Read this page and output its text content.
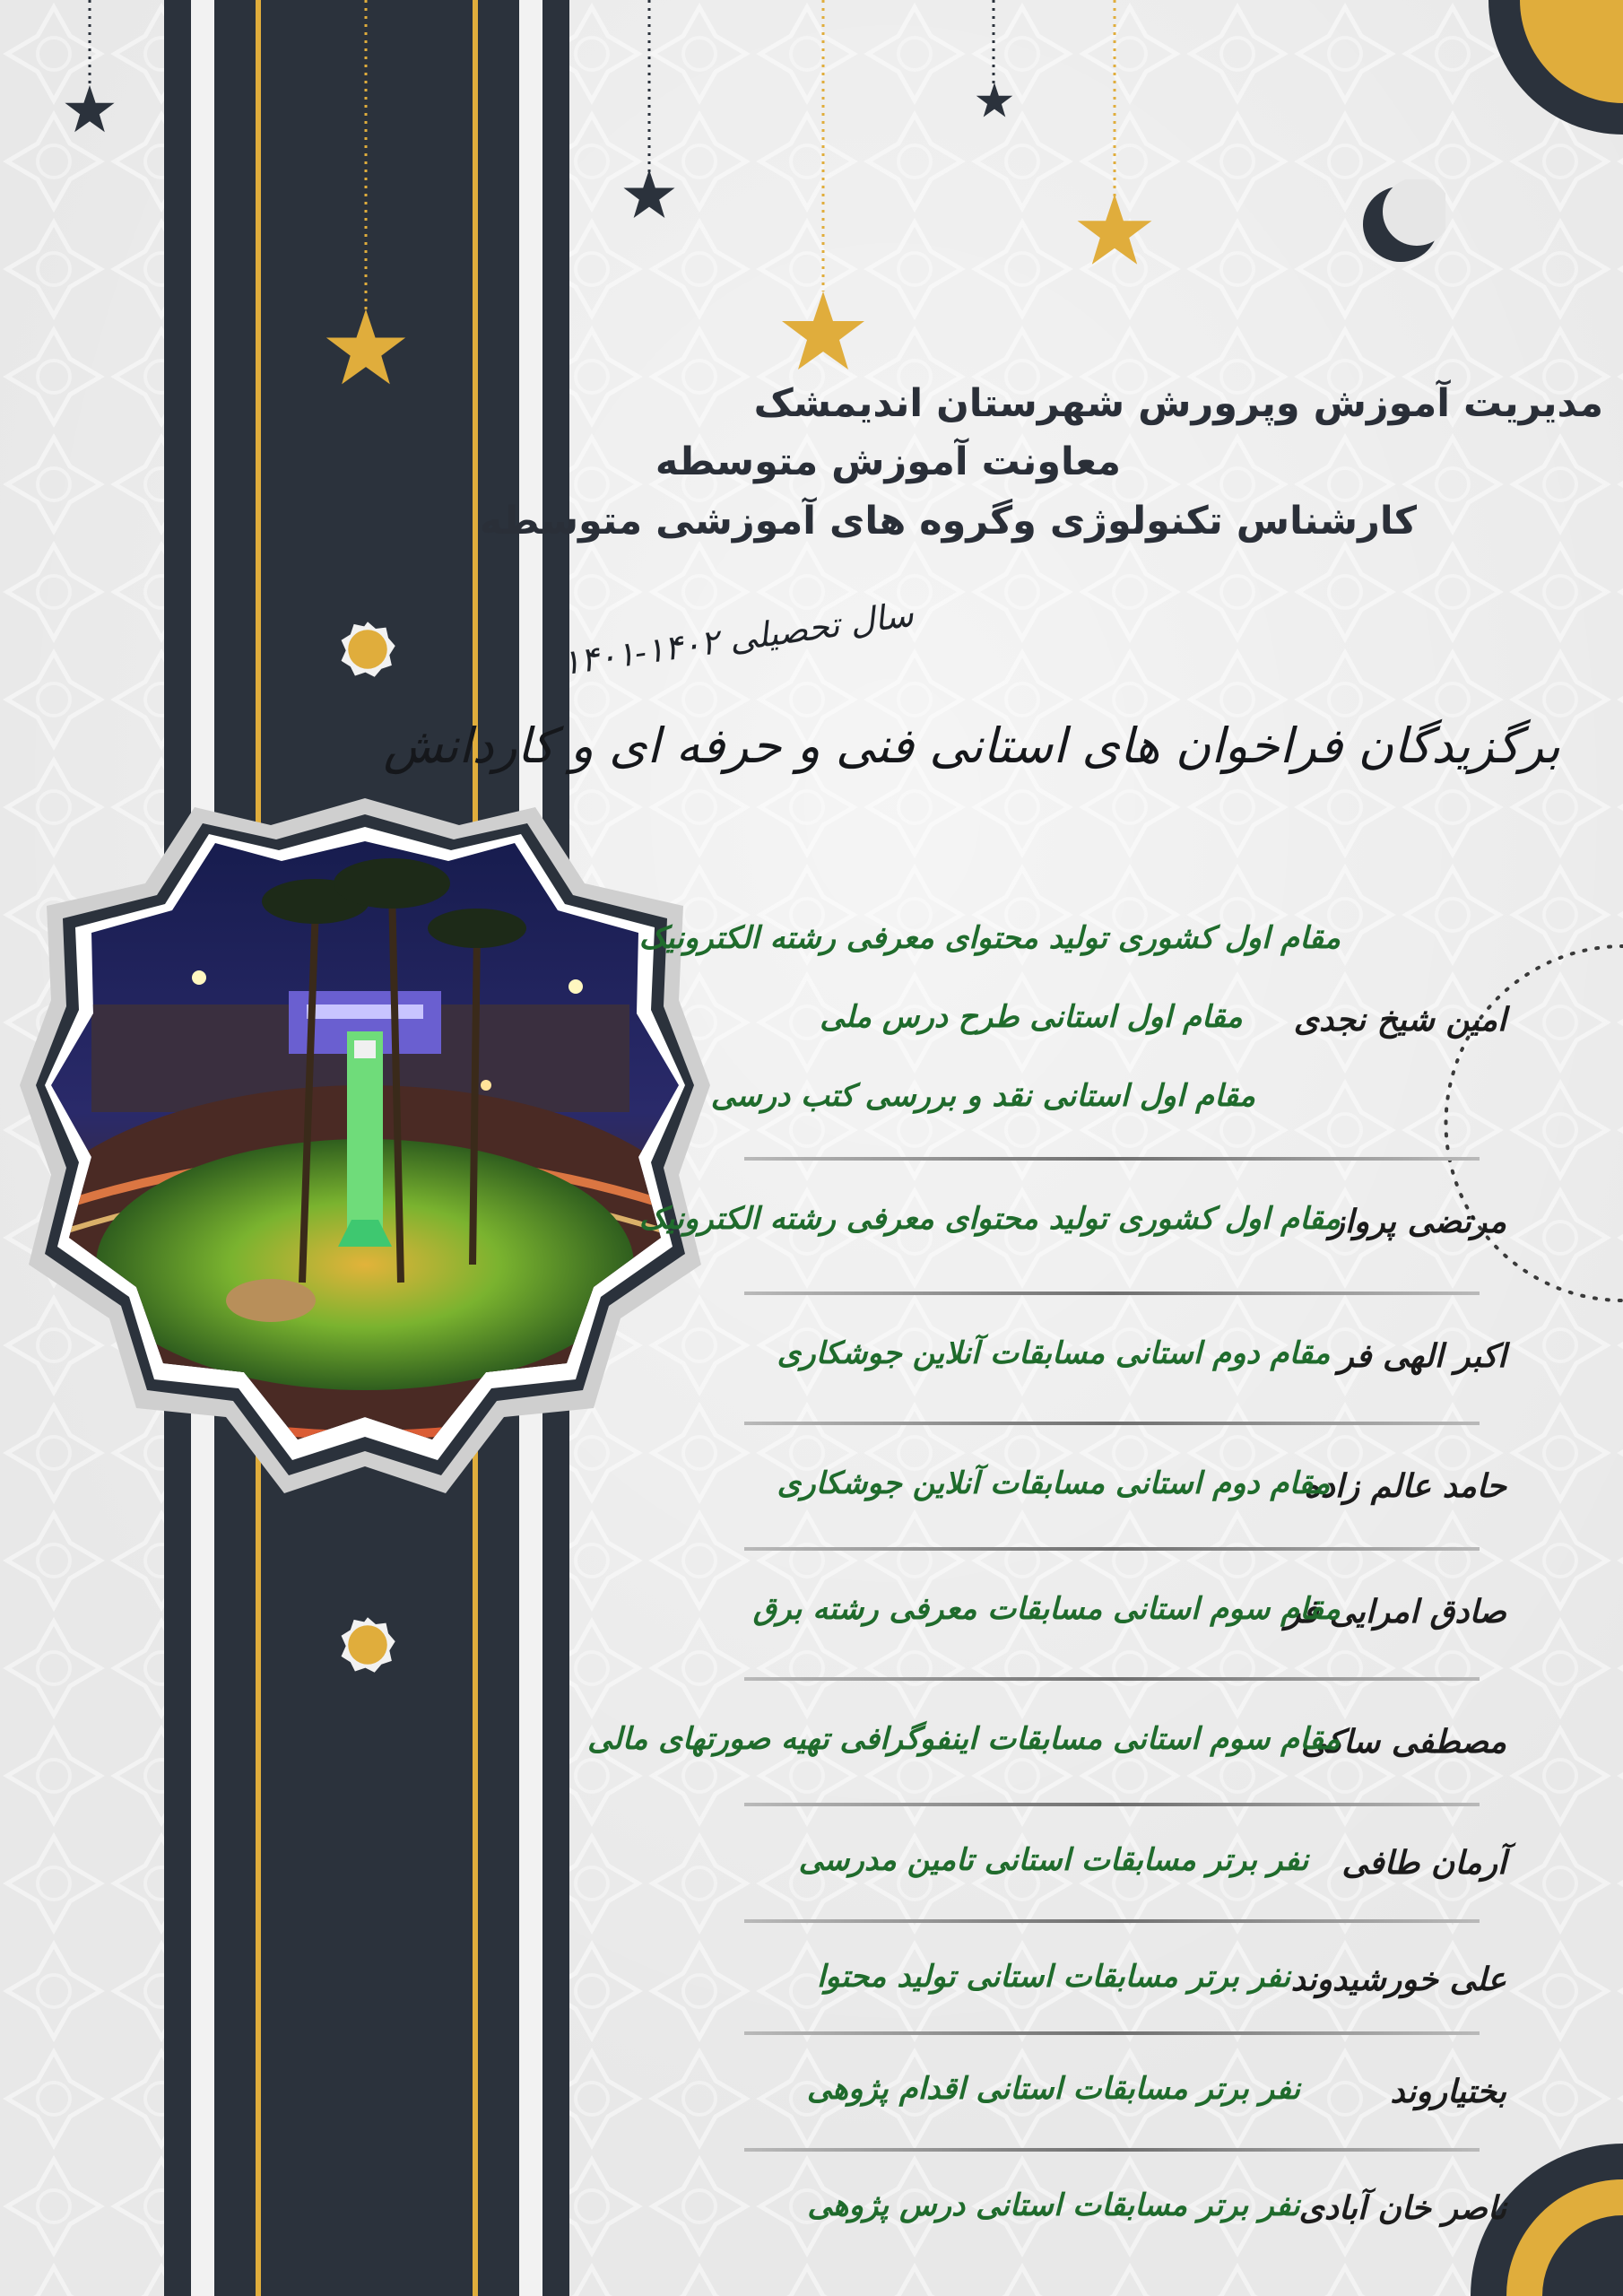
مدیریت آموزش وپرورش شهرستان اندیمشک
معاونت آموزش متوسطه
کارشناس تکنولوژی وگروه های آموزشی متوسطه
سال تحصیلی ۱۴۰۲-۱۴۰۱
برگزیدگان فراخوان های استانی فنی و حرفه ای و کاردانش
امین شیخ نجدی
مقام اول کشوری تولید محتوای معرفی رشته الکترونیک
مقام اول استانی طرح درس ملی
مقام اول استانی نقد و بررسی کتب درسی
مرتضی پرواز
مقام اول کشوری تولید محتوای معرفی رشته الکترونیک
اکبر الهی فر
مقام دوم استانی مسابقات آنلاین جوشکاری
حامد عالم زاده
مقام دوم استانی مسابقات آنلاین جوشکاری
صادق امرایی فر
مقام سوم استانی مسابقات معرفی رشته برق
مصطفی ساکی
مقام سوم استانی مسابقات اینفوگرافی تهیه صورتهای مالی
آرمان طافی
نفر برتر مسابقات استانی تامین مدرسی
علی خورشیدوند
نفر برتر مسابقات استانی تولید محتوا
بختیاروند
نفر برتر مسابقات استانی اقدام پژوهی
ناصر خان آبادی
نفر برتر مسابقات استانی درس پژوهی
